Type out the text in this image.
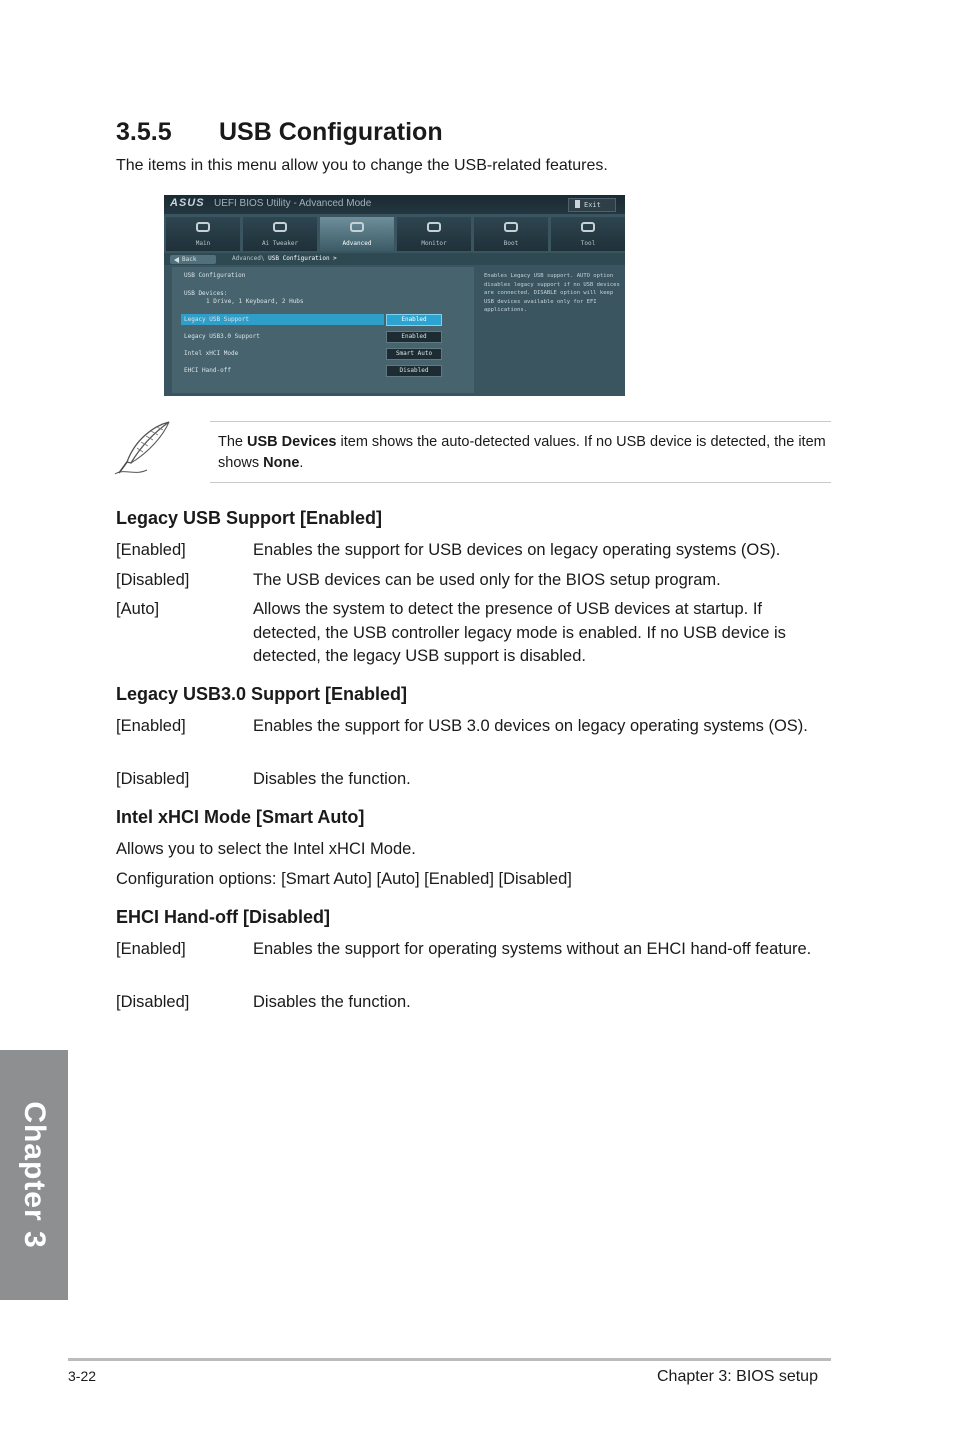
3.5.5 USB Configuration
The items in this menu allow you to change the USB-related features.
ASUS UEFI BIOS Utility - Advanced Mode	Exit
Main	Ai Tweaker	Advanced	Monitor	Boot	Tool
Back	Advanced\ USB Configuration >
Enables Legacy USB support. AUTO option disables legacy support if no USB devices are connected. DISABLE option will keep USB devices available only for EFI applications.
USB Configuration
USB Devices:
1 Drive, 1 Keyboard, 2 Hubs
Legacy USB Support	Enabled
Legacy USB3.0 Support	Enabled
Intel xHCI Mode	Smart Auto
EHCI Hand-off	Disabled
The USB Devices item shows the auto-detected values. If no USB device is detected, the item shows None.
Legacy USB Support [Enabled]
[Enabled]	Enables the support for USB devices on legacy operating systems (OS).
[Disabled]	The USB devices can be used only for the BIOS setup program.
[Auto]	Allows the system to detect the presence of USB devices at startup. If detected, the USB controller legacy mode is enabled. If no USB device is detected, the legacy USB support is disabled.
Legacy USB3.0 Support [Enabled]
[Enabled]	Enables the support for USB 3.0 devices on legacy operating systems (OS).
[Disabled]	Disables the function.
Intel xHCI Mode [Smart Auto]
Allows you to select the Intel xHCI Mode.
Configuration options: [Smart Auto] [Auto] [Enabled] [Disabled]
EHCI Hand-off [Disabled]
[Enabled]	Enables the support for operating systems without an EHCI hand-off feature.
[Disabled]	Disables the function.
Chapter 3
3-22	Chapter 3: BIOS setup
